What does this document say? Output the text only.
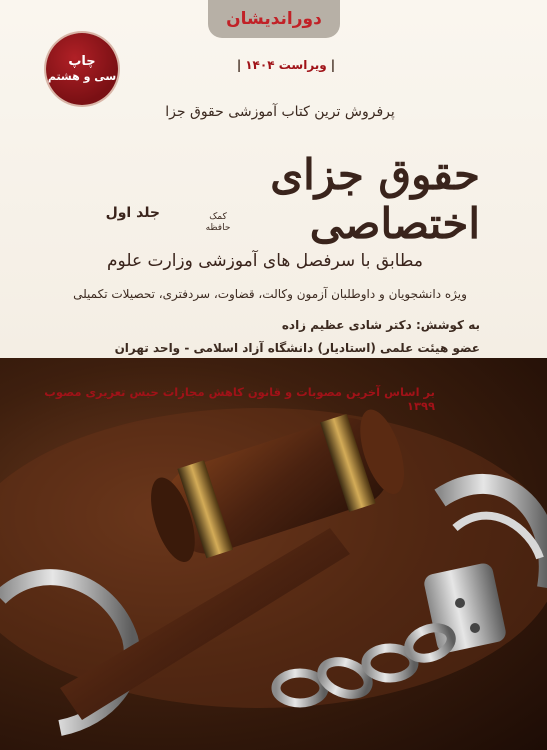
دوراندیشان
|ویراست ۱۴۰۴|
چاپ
سی و هشتم
پرفروش ترین کتاب آموزشی حقوق جزا
حقوق جزای اختصاصی
جلد اول	کمک
حافظه
مطابق با سرفصل های آموزشی وزارت علوم
ویژه دانشجویان و داوطلبان آزمون وکالت، قضاوت، سردفتری، تحصیلات تکمیلی
به کوشش: دکتر شادی عظیم زاده
عضو هیئت علمی (استادیار) دانشگاه آزاد اسلامی - واحد تهران
بر اساس آخرین مصوبات و قانون کاهش مجازات حبس تعزیری مصوب ۱۳۹۹
